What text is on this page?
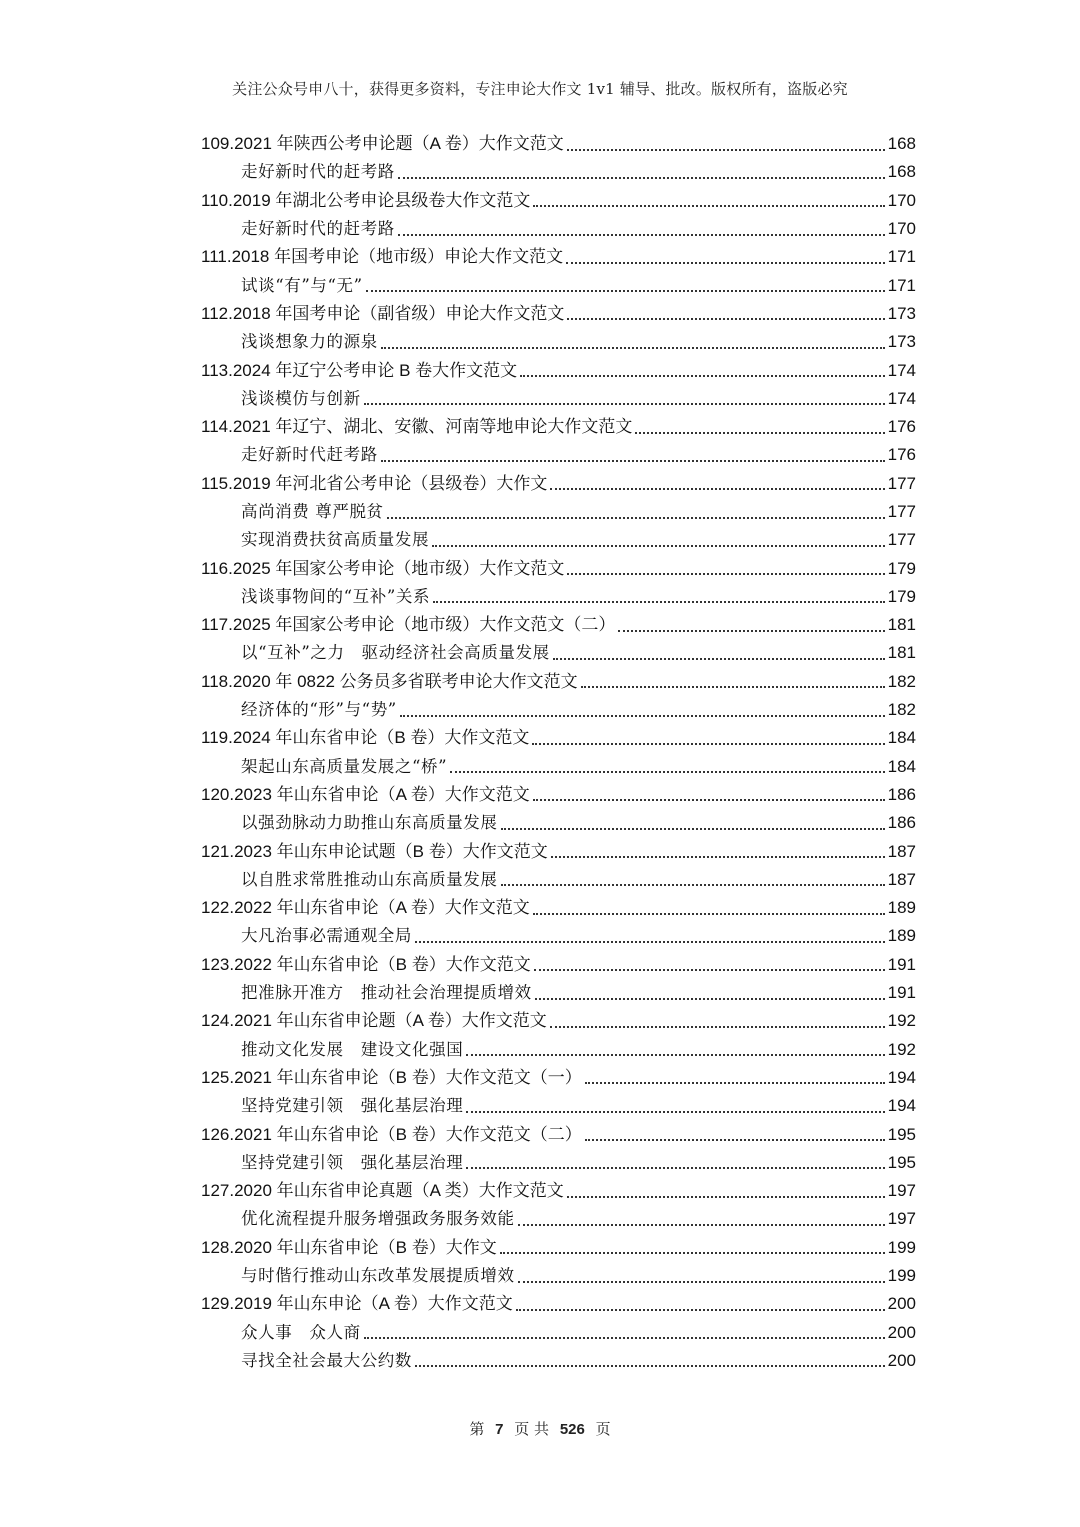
关注公众号申八十，获得更多资料，专注申论大作文 1v1 辅导、批改。版权所有，盗版必究
109.2021 年陕西公考申论题（A 卷）大作文范文	168
走好新时代的赶考路	168
110.2019 年湖北公考申论县级卷大作文范文	170
走好新时代的赶考路	170
111.2018 年国考申论（地市级）申论大作文范文	171
试谈“有”与“无”	171
112.2018 年国考申论（副省级）申论大作文范文	173
浅谈想象力的源泉	173
113.2024 年辽宁公考申论 B 卷大作文范文	174
浅谈模仿与创新	174
114.2021 年辽宁、湖北、安徽、河南等地申论大作文范文	176
走好新时代赶考路	176
115.2019 年河北省公考申论（县级卷）大作文	177
高尚消费 尊严脱贫	177
实现消费扶贫高质量发展	177
116.2025 年国家公考申论（地市级）大作文范文	179
浅谈事物间的“互补”关系	179
117.2025 年国家公考申论（地市级）大作文范文（二）	181
以“互补”之力　驱动经济社会高质量发展	181
118.2020 年 0822 公务员多省联考申论大作文范文	182
经济体的“形”与“势”	182
119.2024 年山东省申论（B 卷）大作文范文	184
架起山东高质量发展之“桥”	184
120.2023 年山东省申论（A 卷）大作文范文	186
以强劲脉动力助推山东高质量发展	186
121.2023 年山东申论试题（B 卷）大作文范文	187
以自胜求常胜推动山东高质量发展	187
122.2022 年山东省申论（A 卷）大作文范文	189
大凡治事必需通观全局	189
123.2022 年山东省申论（B 卷）大作文范文	191
把准脉开准方　推动社会治理提质增效	191
124.2021 年山东省申论题（A 卷）大作文范文	192
推动文化发展　建设文化强国	192
125.2021 年山东省申论（B 卷）大作文范文（一）	194
坚持党建引领　强化基层治理	194
126.2021 年山东省申论（B 卷）大作文范文（二）	195
坚持党建引领　强化基层治理	195
127.2020 年山东省申论真题（A 类）大作文范文	197
优化流程提升服务增强政务服务效能	197
128.2020 年山东省申论（B 卷）大作文	199
与时偕行推动山东改革发展提质增效	199
129.2019 年山东申论（A 卷）大作文范文	200
众人事　众人商	200
寻找全社会最大公约数	200
第 7 页 共 526 页
